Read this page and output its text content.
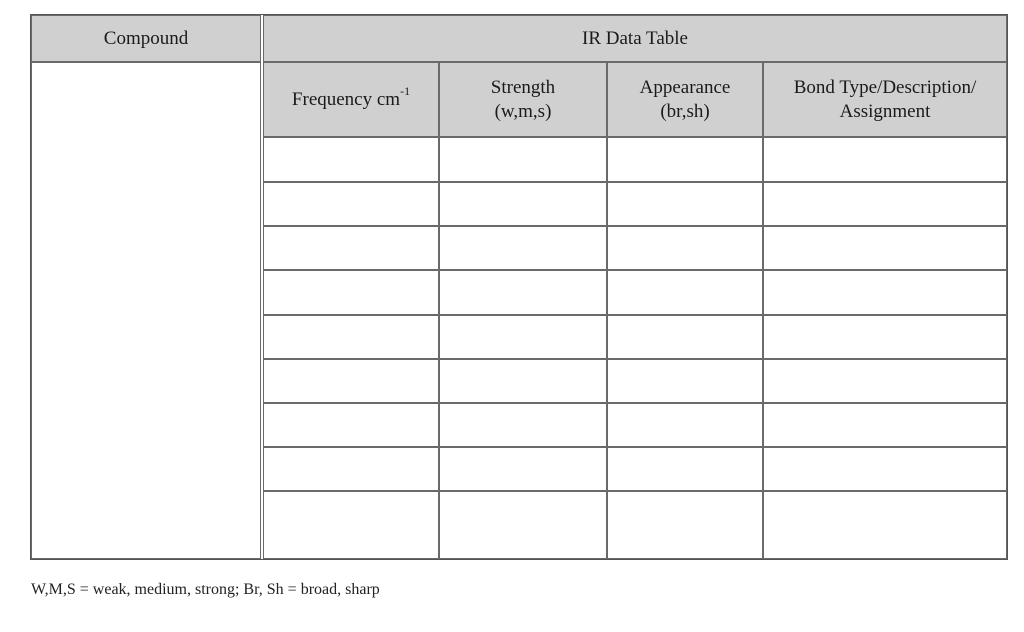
Compound	IR Data Table
Frequency $cm^{-1}$	Strength
(w,m,s)
Appearance
(br,sh)
Bond Type/Description/
Assignment
W,M,S = weak, medium, strong; Br, Sh = broad, sharp
